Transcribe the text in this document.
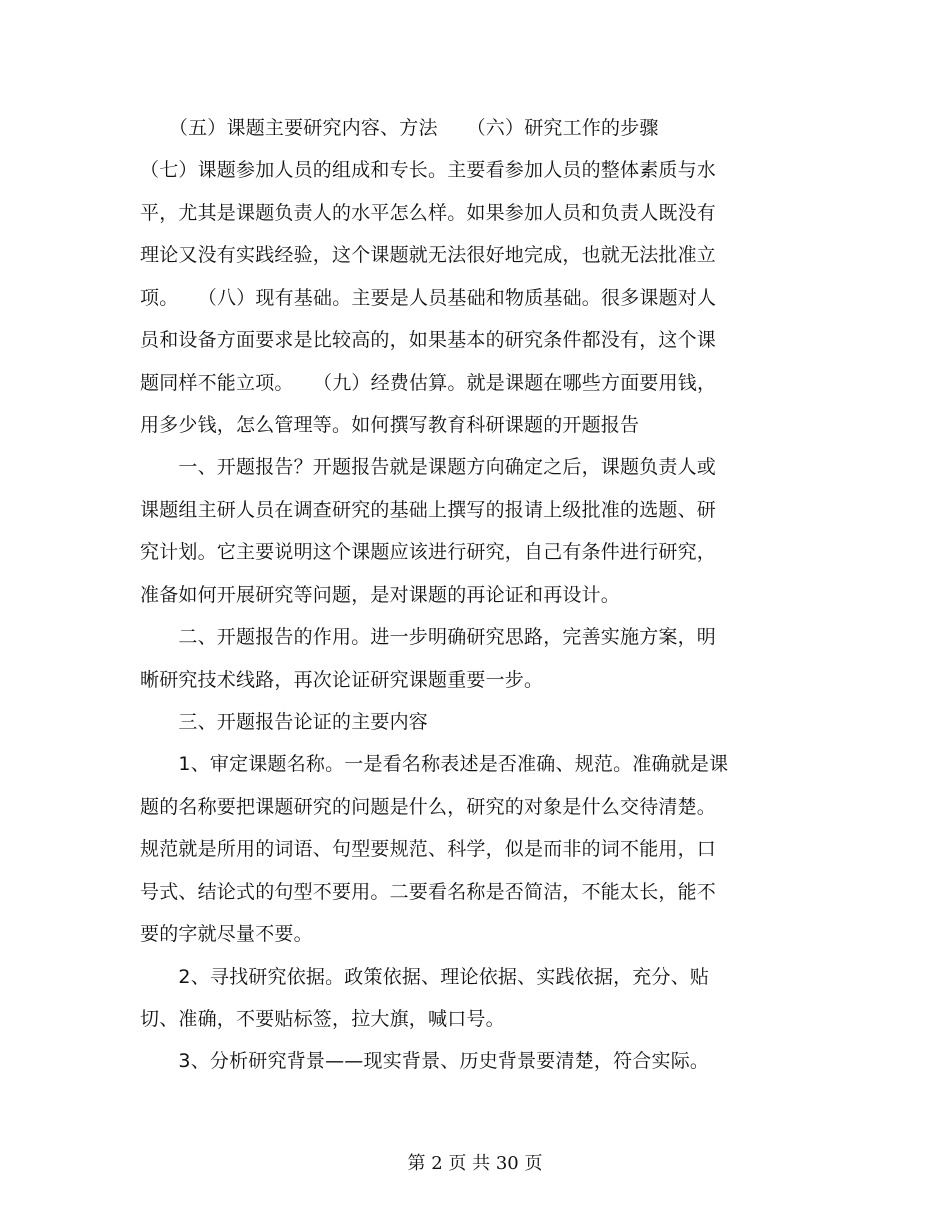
　　（五）课题主要研究内容、方法　　（六）研究工作的步骤
（七）课题参加人员的组成和专长。主要看参加人员的整体素质与水
平，尤其是课题负责人的水平怎么样。如果参加人员和负责人既没有
理论又没有实践经验，这个课题就无法很好地完成，也就无法批准立
项。　　（八）现有基础。主要是人员基础和物质基础。很多课题对人
员和设备方面要求是比较高的，如果基本的研究条件都没有，这个课
题同样不能立项。　　（九）经费估算。就是课题在哪些方面要用钱，
用多少钱，怎么管理等。如何撰写教育科研课题的开题报告
　　一、开题报告？开题报告就是课题方向确定之后，课题负责人或
课题组主研人员在调查研究的基础上撰写的报请上级批准的选题、研
究计划。它主要说明这个课题应该进行研究，自己有条件进行研究，
准备如何开展研究等问题，是对课题的再论证和再设计。
　　二、开题报告的作用。进一步明确研究思路，完善实施方案，明
晰研究技术线路，再次论证研究课题重要一步。
　　三、开题报告论证的主要内容
　　1、审定课题名称。一是看名称表述是否准确、规范。准确就是课
题的名称要把课题研究的问题是什么，研究的对象是什么交待清楚。
规范就是所用的词语、句型要规范、科学，似是而非的词不能用，口
号式、结论式的句型不要用。二要看名称是否简洁，不能太长，能不
要的字就尽量不要。
　　2、寻找研究依据。政策依据、理论依据、实践依据，充分、贴
切、准确，不要贴标签，拉大旗，喊口号。
　　3、分析研究背景——现实背景、历史背景要清楚，符合实际。
第 2 页 共 30 页
